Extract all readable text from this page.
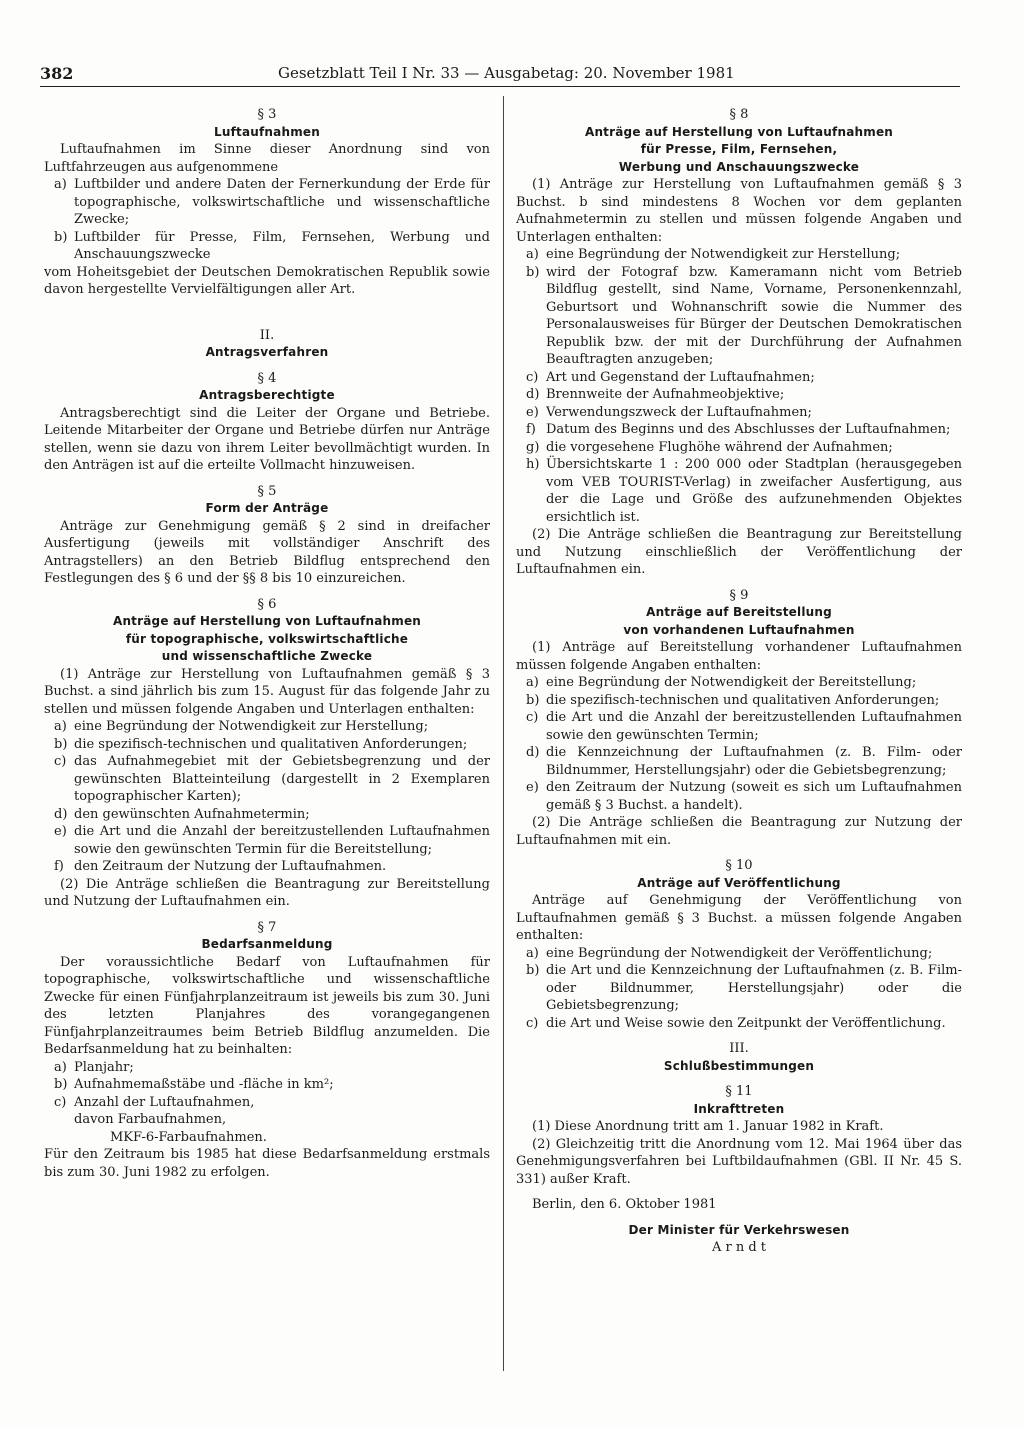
382	Gesetzblatt Teil I Nr. 33 — Ausgabetag: 20. November 1981

§ 3

Luftaufnahmen

Luftaufnahmen im Sinne dieser Anordnung sind von Luftfahrzeugen aus aufgenommene

a) Luftbilder und andere Daten der Fernerkundung der Erde für topographische, volkswirtschaftliche und wissenschaftliche Zwecke;
b) Luftbilder für Presse, Film, Fernsehen, Werbung und Anschauungszwecke

vom Hoheitsgebiet der Deutschen Demokratischen Republik sowie davon hergestellte Vervielfältigungen aller Art.

II.

Antragsverfahren

§ 4

Antragsberechtigte

Antragsberechtigt sind die Leiter der Organe und Betriebe. Leitende Mitarbeiter der Organe und Betriebe dürfen nur Anträge stellen, wenn sie dazu von ihrem Leiter bevollmächtigt wurden. In den Anträgen ist auf die erteilte Vollmacht hinzuweisen.

§ 5

Form der Anträge

Anträge zur Genehmigung gemäß § 2 sind in dreifacher Ausfertigung (jeweils mit vollständiger Anschrift des Antragstellers) an den Betrieb Bildflug entsprechend den Festlegungen des § 6 und der §§ 8 bis 10 einzureichen.

§ 6

Anträge auf Herstellung von Luftaufnahmen

für topographische, volkswirtschaftliche

und wissenschaftliche Zwecke

(1) Anträge zur Herstellung von Luftaufnahmen gemäß § 3 Buchst. a sind jährlich bis zum 15. August für das folgende Jahr zu stellen und müssen folgende Angaben und Unterlagen enthalten:

a) eine Begründung der Notwendigkeit zur Herstellung;
b) die spezifisch-technischen und qualitativen Anforderungen;
c) das Aufnahmegebiet mit der Gebietsbegrenzung und der gewünschten Blatteinteilung (dargestellt in 2 Exemplaren topographischer Karten);
d) den gewünschten Aufnahmetermin;
e) die Art und die Anzahl der bereitzustellenden Luftaufnahmen sowie den gewünschten Termin für die Bereitstellung;
f) den Zeitraum der Nutzung der Luftaufnahmen.

(2) Die Anträge schließen die Beantragung zur Bereitstellung und Nutzung der Luftaufnahmen ein.

§ 7

Bedarfsanmeldung

Der voraussichtliche Bedarf von Luftaufnahmen für topographische, volkswirtschaftliche und wissenschaftliche Zwecke für einen Fünfjahrplanzeitraum ist jeweils bis zum 30. Juni des letzten Planjahres des vorangegangenen Fünfjahrplanzeitraumes beim Betrieb Bildflug anzumelden. Die Bedarfsanmeldung hat zu beinhalten:

a) Planjahr;
b) Aufnahmemaßstäbe und -fläche in km²;
c) Anzahl der Luftaufnahmen,

davon Farbaufnahmen,

MKF-6-Farbaufnahmen.

Für den Zeitraum bis 1985 hat diese Bedarfsanmeldung erstmals bis zum 30. Juni 1982 zu erfolgen.

§ 8

Anträge auf Herstellung von Luftaufnahmen

für Presse, Film, Fernsehen,

Werbung und Anschauungszwecke

(1) Anträge zur Herstellung von Luftaufnahmen gemäß § 3 Buchst. b sind mindestens 8 Wochen vor dem geplanten Aufnahmetermin zu stellen und müssen folgende Angaben und Unterlagen enthalten:

a) eine Begründung der Notwendigkeit zur Herstellung;
b) wird der Fotograf bzw. Kameramann nicht vom Betrieb Bildflug gestellt, sind Name, Vorname, Personenkennzahl, Geburtsort und Wohnanschrift sowie die Nummer des Personalausweises für Bürger der Deutschen Demokratischen Republik bzw. der mit der Durchführung der Aufnahmen Beauftragten anzugeben;
c) Art und Gegenstand der Luftaufnahmen;
d) Brennweite der Aufnahmeobjektive;
e) Verwendungszweck der Luftaufnahmen;
f) Datum des Beginns und des Abschlusses der Luftaufnahmen;
g) die vorgesehene Flughöhe während der Aufnahmen;
h) Übersichtskarte 1 : 200 000 oder Stadtplan (herausgegeben vom VEB TOURIST-Verlag) in zweifacher Ausfertigung, aus der die Lage und Größe des aufzunehmenden Objektes ersichtlich ist.

(2) Die Anträge schließen die Beantragung zur Bereitstellung und Nutzung einschließlich der Veröffentlichung der Luftaufnahmen ein.

§ 9

Anträge auf Bereitstellung

von vorhandenen Luftaufnahmen

(1) Anträge auf Bereitstellung vorhandener Luftaufnahmen müssen folgende Angaben enthalten:

a) eine Begründung der Notwendigkeit der Bereitstellung;
b) die spezifisch-technischen und qualitativen Anforderungen;
c) die Art und die Anzahl der bereitzustellenden Luftaufnahmen sowie den gewünschten Termin;
d) die Kennzeichnung der Luftaufnahmen (z. B. Film- oder Bildnummer, Herstellungsjahr) oder die Gebietsbegrenzung;
e) den Zeitraum der Nutzung (soweit es sich um Luftaufnahmen gemäß § 3 Buchst. a handelt).

(2) Die Anträge schließen die Beantragung zur Nutzung der Luftaufnahmen mit ein.

§ 10

Anträge auf Veröffentlichung

Anträge auf Genehmigung der Veröffentlichung von Luftaufnahmen gemäß § 3 Buchst. a müssen folgende Angaben enthalten:

a) eine Begründung der Notwendigkeit der Veröffentlichung;
b) die Art und die Kennzeichnung der Luftaufnahmen (z. B. Film- oder Bildnummer, Herstellungsjahr) oder die Gebietsbegrenzung;
c) die Art und Weise sowie den Zeitpunkt der Veröffentlichung.

III.

Schlußbestimmungen

§ 11

Inkrafttreten

(1) Diese Anordnung tritt am 1. Januar 1982 in Kraft.

(2) Gleichzeitig tritt die Anordnung vom 12. Mai 1964 über das Genehmigungsverfahren bei Luftbildaufnahmen (GBl. II Nr. 45 S. 331) außer Kraft.

Berlin, den 6. Oktober 1981

Der Minister für Verkehrswesen

A r n d t
